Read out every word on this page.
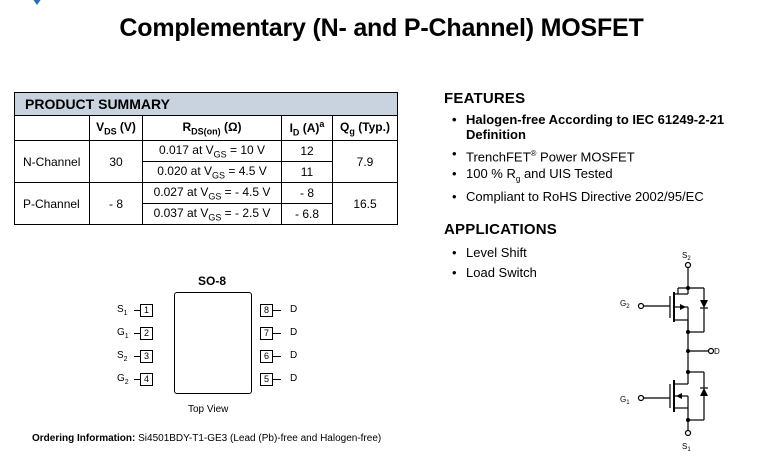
Complementary (N- and P-Channel) MOSFET
PRODUCT SUMMARY				
	$V_{DS}$ (V)	$R_{DS(on)}$ (Ω)	$I_D$ $(A)^a$	$Q_g$ (Typ.)
N-Channel	30	0.017 at $V_{GS} = 10$ V	12	7.9
		0.020 at $V_{GS} = 4.5$ V	11	
P-Channel	- 8	0.027 at $V_{GS}$ = - 4.5 V	- 8	16.5
		0.037 at $V_{GS}$ = - 2.5 V	- 6.8	
FEATURES
• Halogen-free According to IEC 61249-2-21
Definition
• TrenchFET® Power MOSFET
• 100 % $R_g$ and UIS Tested
• Compliant to RoHS Directive 2002/95/EC
APPLICATIONS
• Level Shift
• Load Switch
SO-8
$S_1$	1
$G_1$	2
$S_2$	3
$G_2$	4
8	D
7	D
6	D
5	D
Top View
$S_2$
$G_2$
D
$G_1$
$S_1$
Ordering Information: Si4501BDY-T1-GE3 (Lead (Pb)-free and Halogen-free)
